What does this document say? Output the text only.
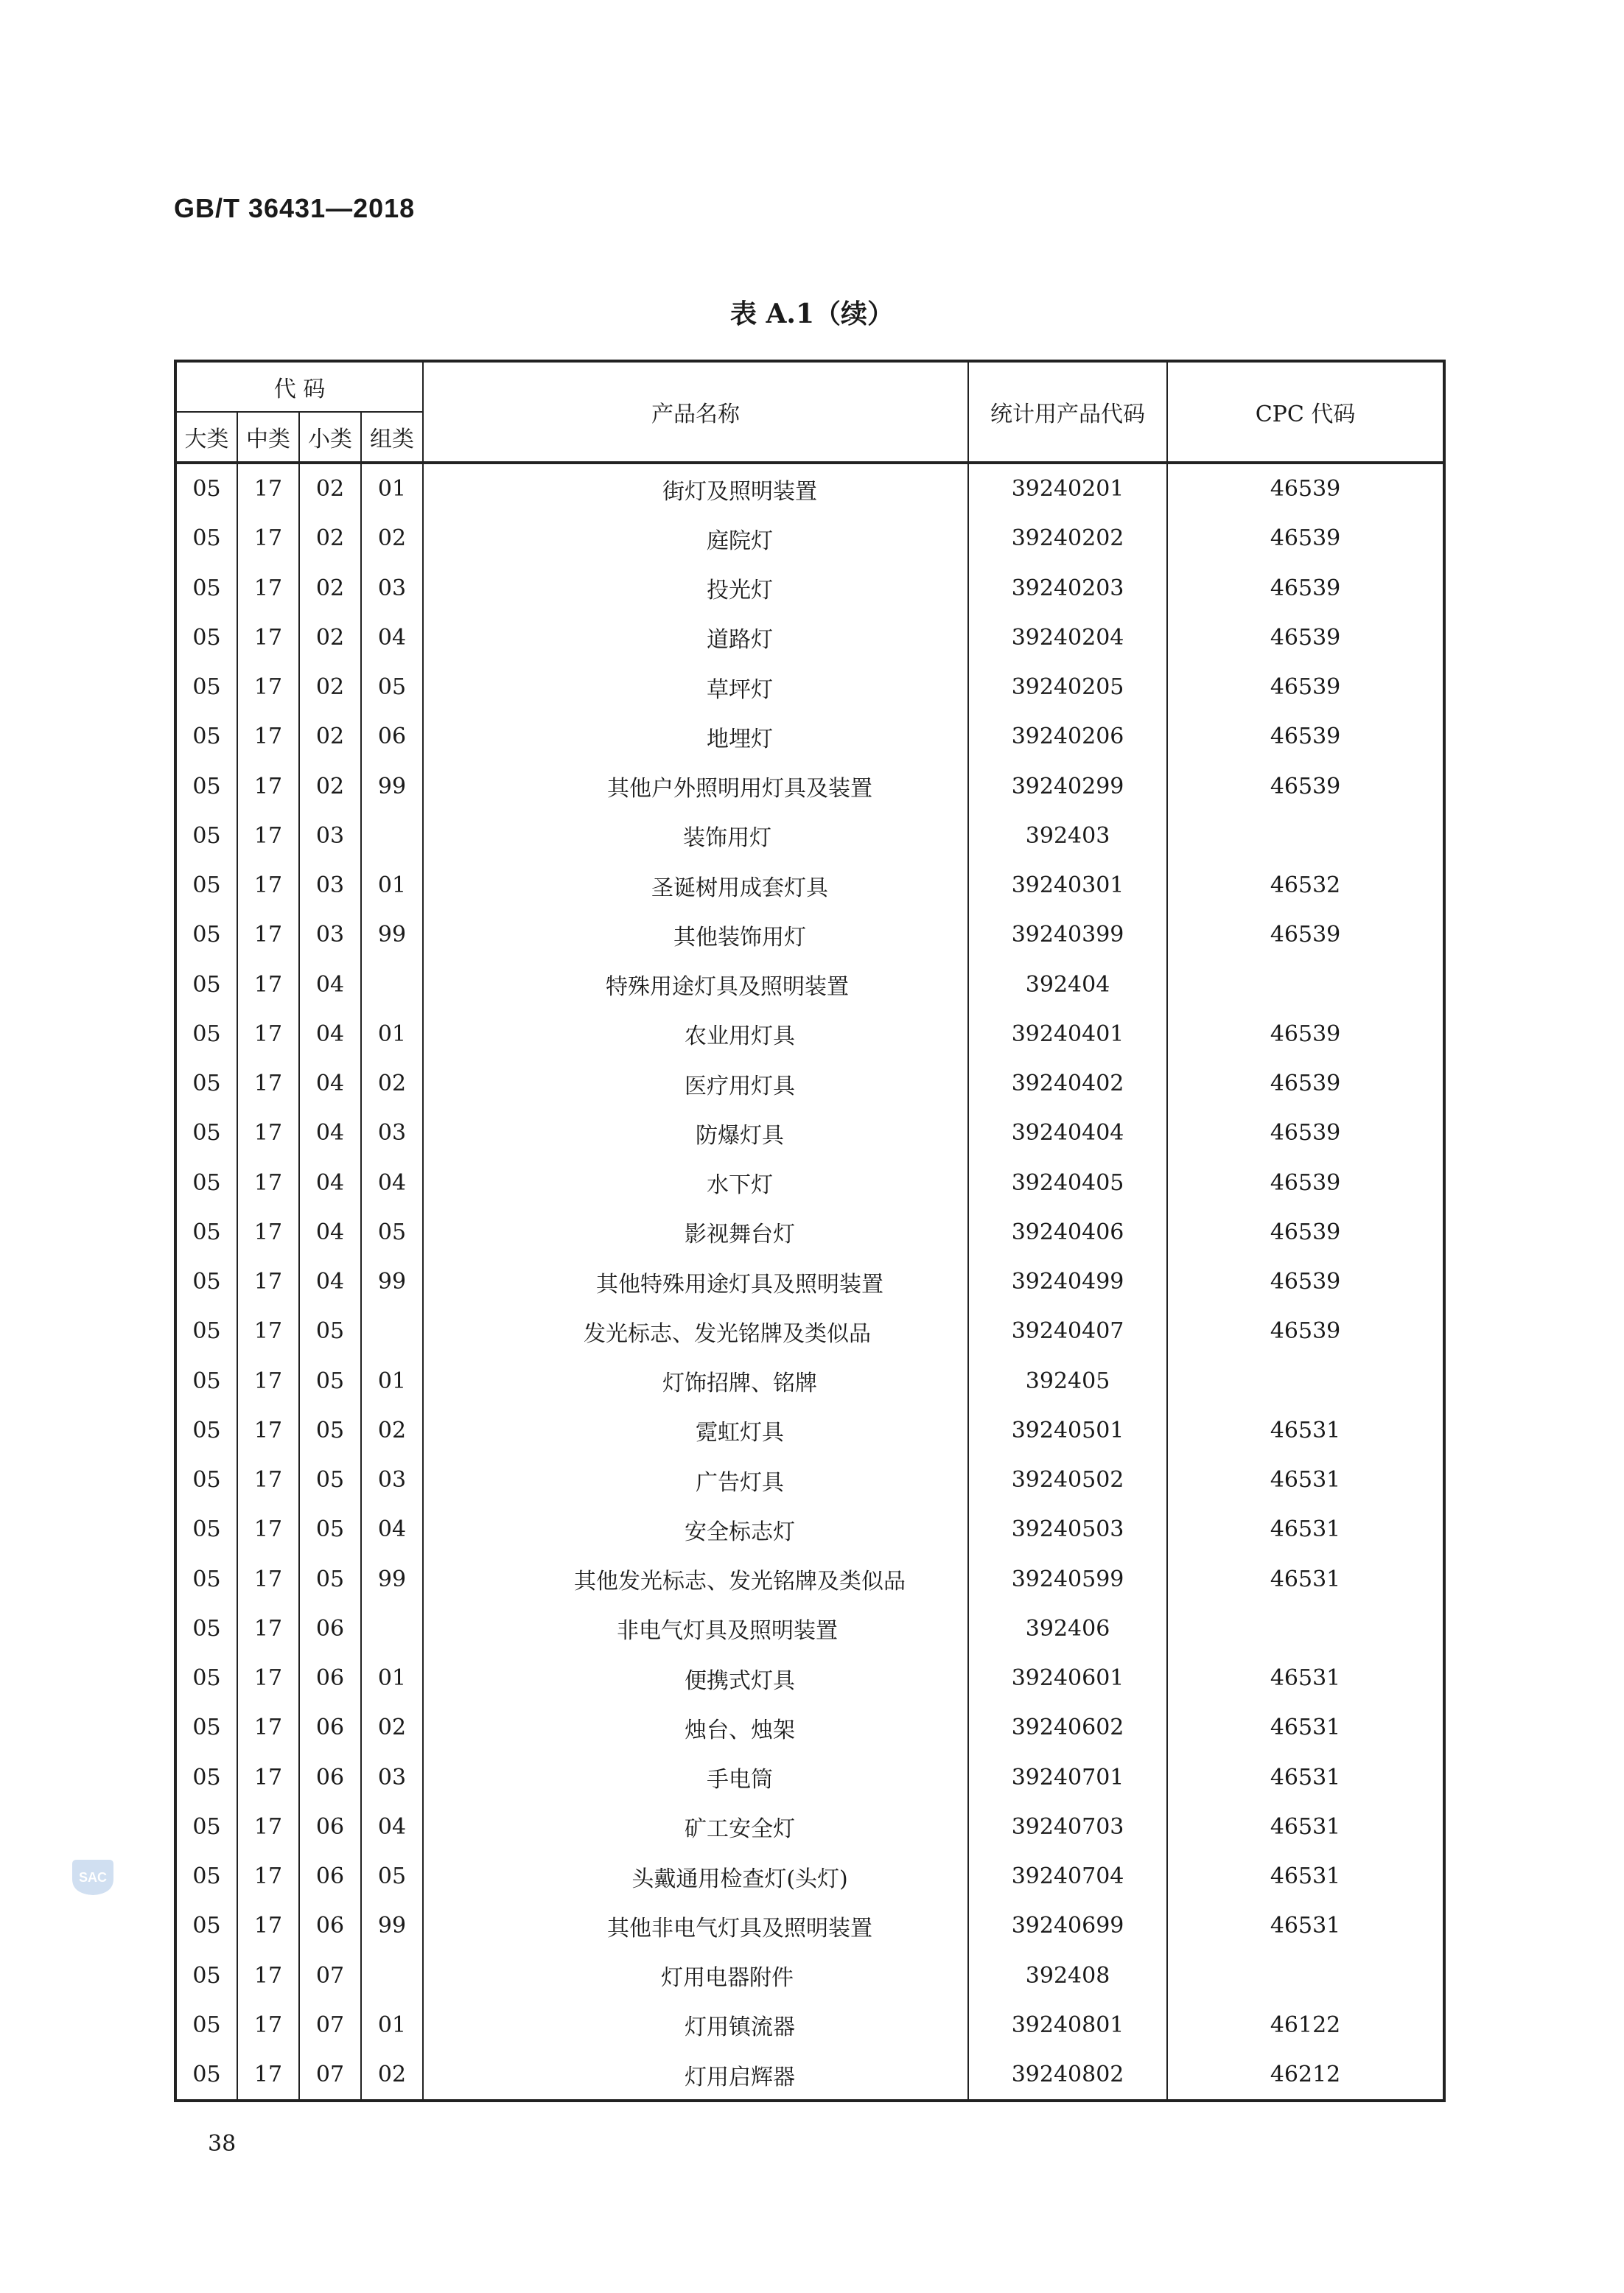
GB/T 36431—2018
表 A.1（续）
代 码				产品名称	统计用产品代码	CPC 代码
大类	中类	小类	组类			
05	17	02	01	街灯及照明装置	39240201	46539
05	17	02	02	庭院灯	39240202	46539
05	17	02	03	投光灯	39240203	46539
05	17	02	04	道路灯	39240204	46539
05	17	02	05	草坪灯	39240205	46539
05	17	02	06	地埋灯	39240206	46539
05	17	02	99	其他户外照明用灯具及装置	39240299	46539
05	17	03		装饰用灯	392403	
05	17	03	01	圣诞树用成套灯具	39240301	46532
05	17	03	99	其他装饰用灯	39240399	46539
05	17	04		特殊用途灯具及照明装置	392404	
05	17	04	01	农业用灯具	39240401	46539
05	17	04	02	医疗用灯具	39240402	46539
05	17	04	03	防爆灯具	39240404	46539
05	17	04	04	水下灯	39240405	46539
05	17	04	05	影视舞台灯	39240406	46539
05	17	04	99	其他特殊用途灯具及照明装置	39240499	46539
05	17	05		发光标志、发光铭牌及类似品	39240407	46539
05	17	05	01	灯饰招牌、铭牌	392405	
05	17	05	02	霓虹灯具	39240501	46531
05	17	05	03	广告灯具	39240502	46531
05	17	05	04	安全标志灯	39240503	46531
05	17	05	99	其他发光标志、发光铭牌及类似品	39240599	46531
05	17	06		非电气灯具及照明装置	392406	
05	17	06	01	便携式灯具	39240601	46531
05	17	06	02	烛台、烛架	39240602	46531
05	17	06	03	手电筒	39240701	46531
05	17	06	04	矿工安全灯	39240703	46531
05	17	06	05	头戴通用检查灯(头灯)	39240704	46531
05	17	06	99	其他非电气灯具及照明装置	39240699	46531
05	17	07		灯用电器附件	392408	
05	17	07	01	灯用镇流器	39240801	46122
05	17	07	02	灯用启辉器	39240802	46212
SAC
38
